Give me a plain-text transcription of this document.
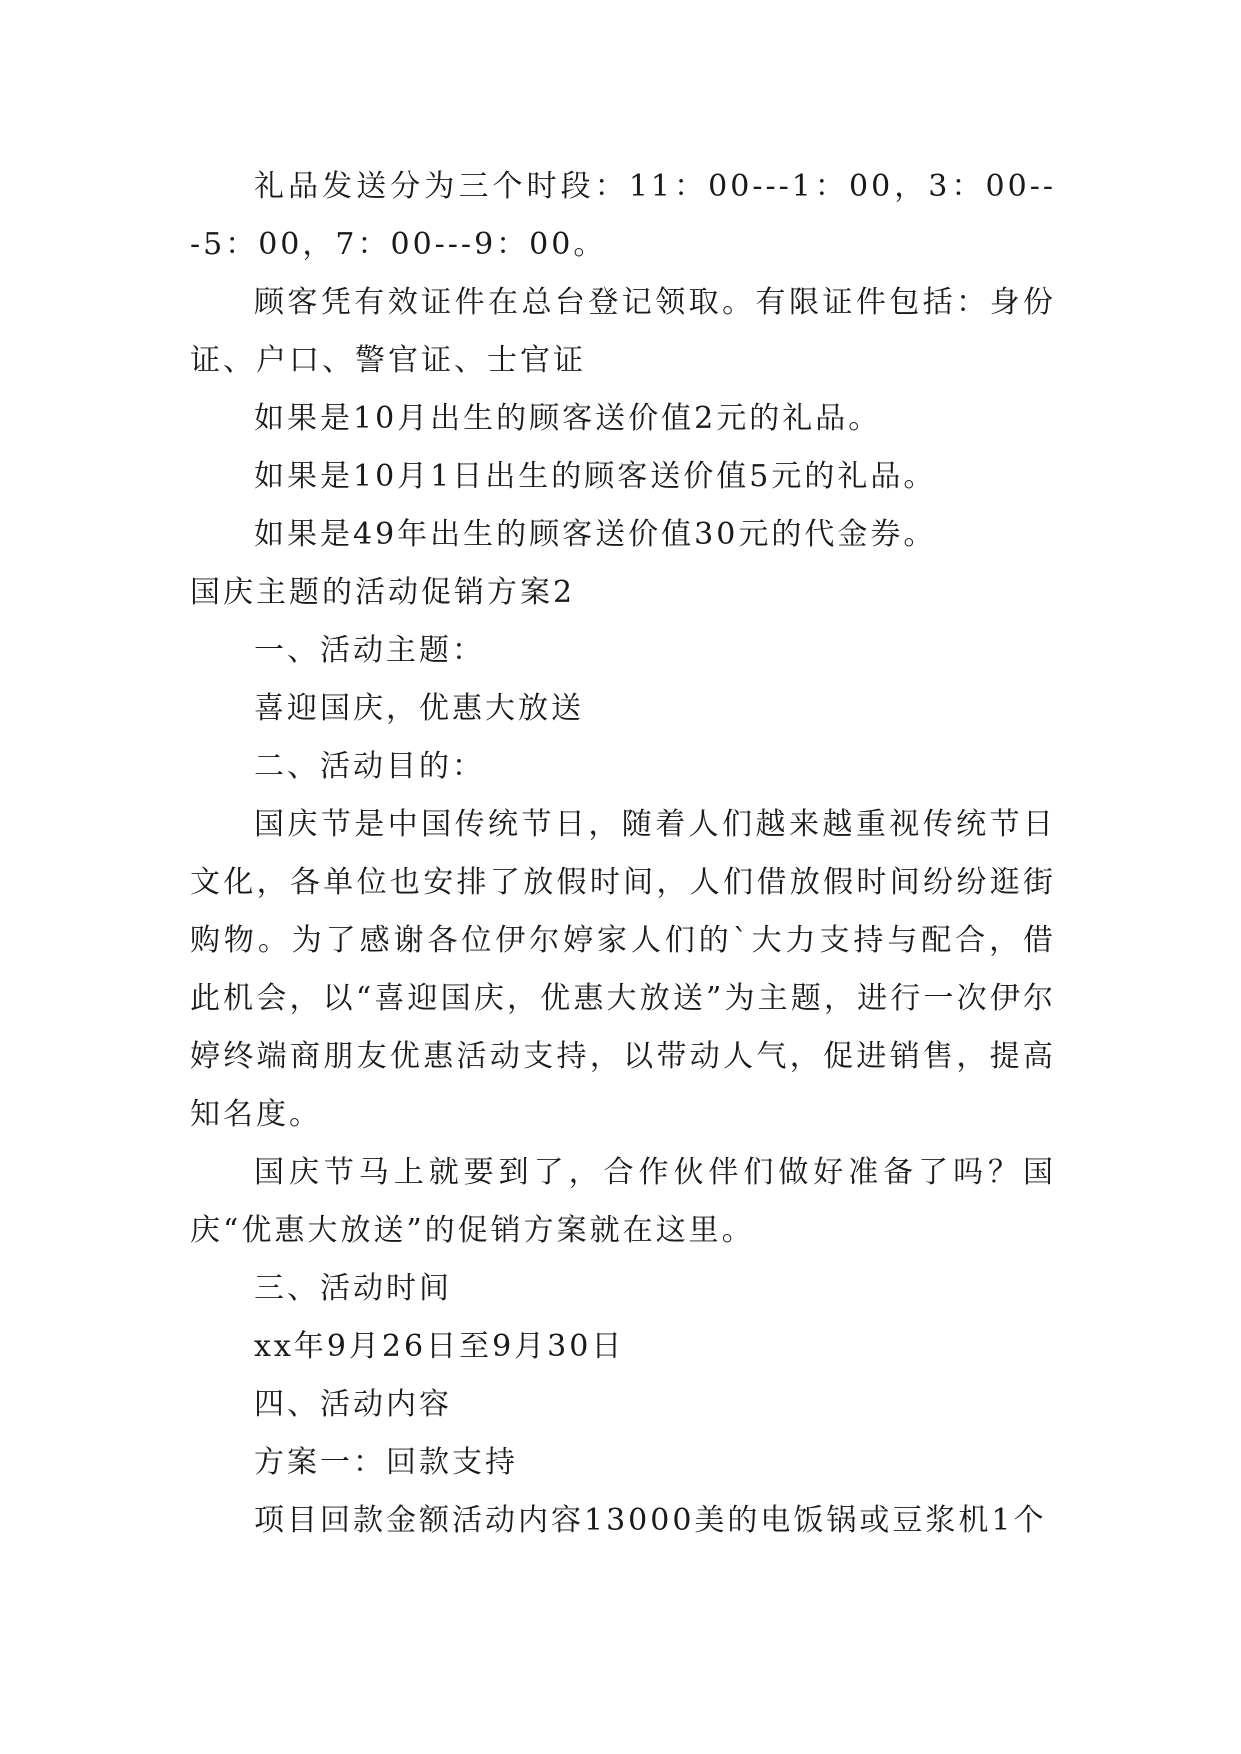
礼品发送分为三个时段：11：00---1：00，3：00---5：00，7：00---9：00。

顾客凭有效证件在总台登记领取。有限证件包括：身份证、户口、警官证、士官证

如果是10月出生的顾客送价值2元的礼品。

如果是10月1日出生的顾客送价值5元的礼品。

如果是49年出生的顾客送价值30元的代金券。

国庆主题的活动促销方案2

一、活动主题：

喜迎国庆，优惠大放送

二、活动目的：

国庆节是中国传统节日，随着人们越来越重视传统节日文化，各单位也安排了放假时间，人们借放假时间纷纷逛街购物。为了感谢各位伊尔婷家人们的`大力支持与配合，借此机会，以“喜迎国庆，优惠大放送”为主题，进行一次伊尔婷终端商朋友优惠活动支持，以带动人气，促进销售，提高知名度。

国庆节马上就要到了，合作伙伴们做好准备了吗？国庆“优惠大放送”的促销方案就在这里。

三、活动时间

xx年9月26日至9月30日

四、活动内容

方案一：回款支持

项目回款金额活动内容13000美的电饭锅或豆浆机1个
